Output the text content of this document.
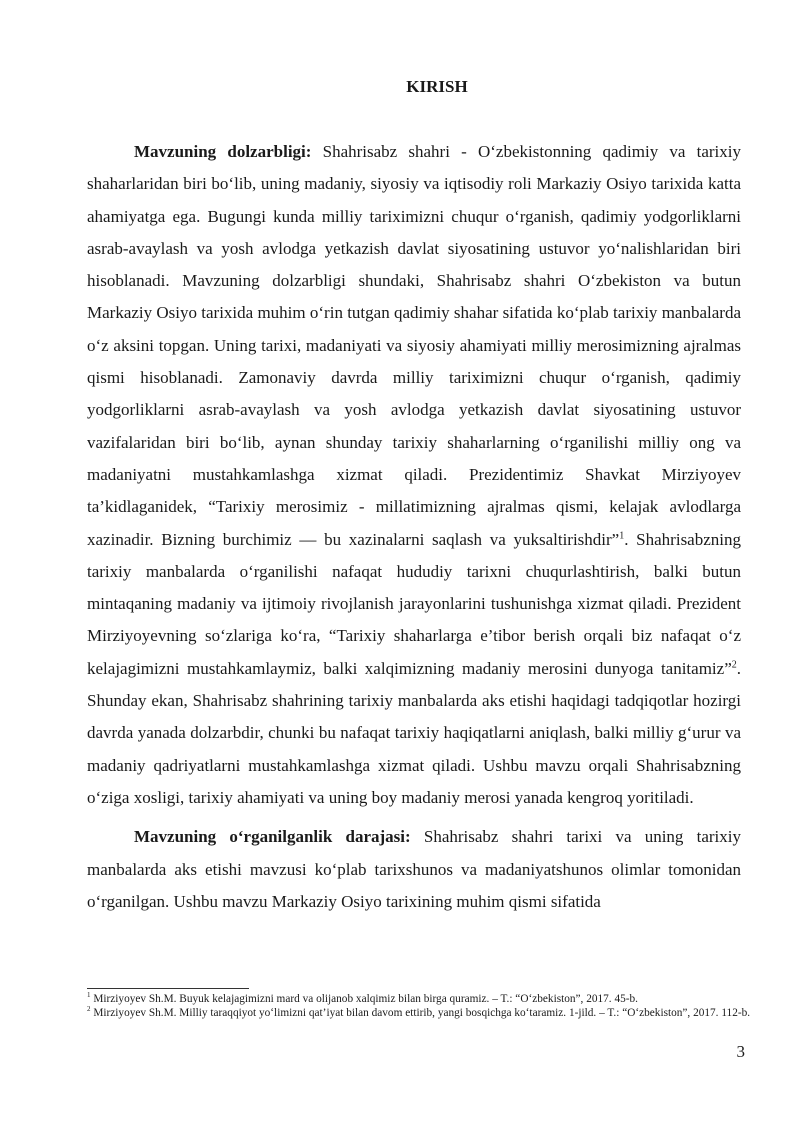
KIRISH

Mavzuning dolzarbligi: Shahrisabz shahri - O‘zbekistonning qadimiy va tarixiy shaharlaridan biri bo‘lib, uning madaniy, siyosiy va iqtisodiy roli Markaziy Osiyo tarixida katta ahamiyatga ega. Bugungi kunda milliy tariximizni chuqur o‘rganish, qadimiy yodgorliklarni asrab-avaylash va yosh avlodga yetkazish davlat siyosatining ustuvor yo‘nalishlaridan biri hisoblanadi. Mavzuning dolzarbligi shundaki, Shahrisabz shahri O‘zbekiston va butun Markaziy Osiyo tarixida muhim o‘rin tutgan qadimiy shahar sifatida ko‘plab tarixiy manbalarda o‘z aksini topgan. Uning tarixi, madaniyati va siyosiy ahamiyati milliy merosimizning ajralmas qismi hisoblanadi. Zamonaviy davrda milliy tariximizni chuqur o‘rganish, qadimiy yodgorliklarni asrab-avaylash va yosh avlodga yetkazish davlat siyosatining ustuvor vazifalaridan biri bo‘lib, aynan shunday tarixiy shaharlarning o‘rganilishi milliy ong va madaniyatni mustahkamlashga xizmat qiladi. Prezidentimiz Shavkat Mirziyoyev ta’kidlaganidek, “Tarixiy merosimiz - millatimizning ajralmas qismi, kelajak avlodlarga xazinadir. Bizning burchimiz — bu xazinalarni saqlash va yuksaltirishdir”$^1$. Shahrisabzning tarixiy manbalarda o‘rganilishi nafaqat hududiy tarixni chuqurlashtirish, balki butun mintaqaning madaniy va ijtimoiy rivojlanish jarayonlarini tushunishga xizmat qiladi. Prezident Mirziyoyevning so‘zlariga ko‘ra, “Tarixiy shaharlarga e’tibor berish orqali biz nafaqat o‘z kelajagimizni mustahkamlaymiz, balki xalqimizning madaniy merosini dunyoga tanitamiz”$^2$. Shunday ekan, Shahrisabz shahrining tarixiy manbalarda aks etishi haqidagi tadqiqotlar hozirgi davrda yanada dolzarbdir, chunki bu nafaqat tarixiy haqiqatlarni aniqlash, balki milliy g‘urur va madaniy qadriyatlarni mustahkamlashga xizmat qiladi. Ushbu mavzu orqali Shahrisabzning o‘ziga xosligi, tarixiy ahamiyati va uning boy madaniy merosi yanada kengroq yoritiladi.

Mavzuning o‘rganilganlik darajasi: Shahrisabz shahri tarixi va uning tarixiy manbalarda aks etishi mavzusi ko‘plab tarixshunos va madaniyatshunos olimlar tomonidan o‘rganilgan. Ushbu mavzu Markaziy Osiyo tarixining muhim qismi sifatida

$^1$ Mirziyoyev Sh.M. Buyuk kelajagimizni mard va olijanob xalqimiz bilan birga quramiz. – T.: “O‘zbekiston”, 2017. 45-b.

$^2$ Mirziyoyev Sh.M. Milliy taraqqiyot yo‘limizni qat’iyat bilan davom ettirib, yangi bosqichga ko‘taramiz. 1-jild. – T.: “O‘zbekiston”, 2017. 112-b.

3
